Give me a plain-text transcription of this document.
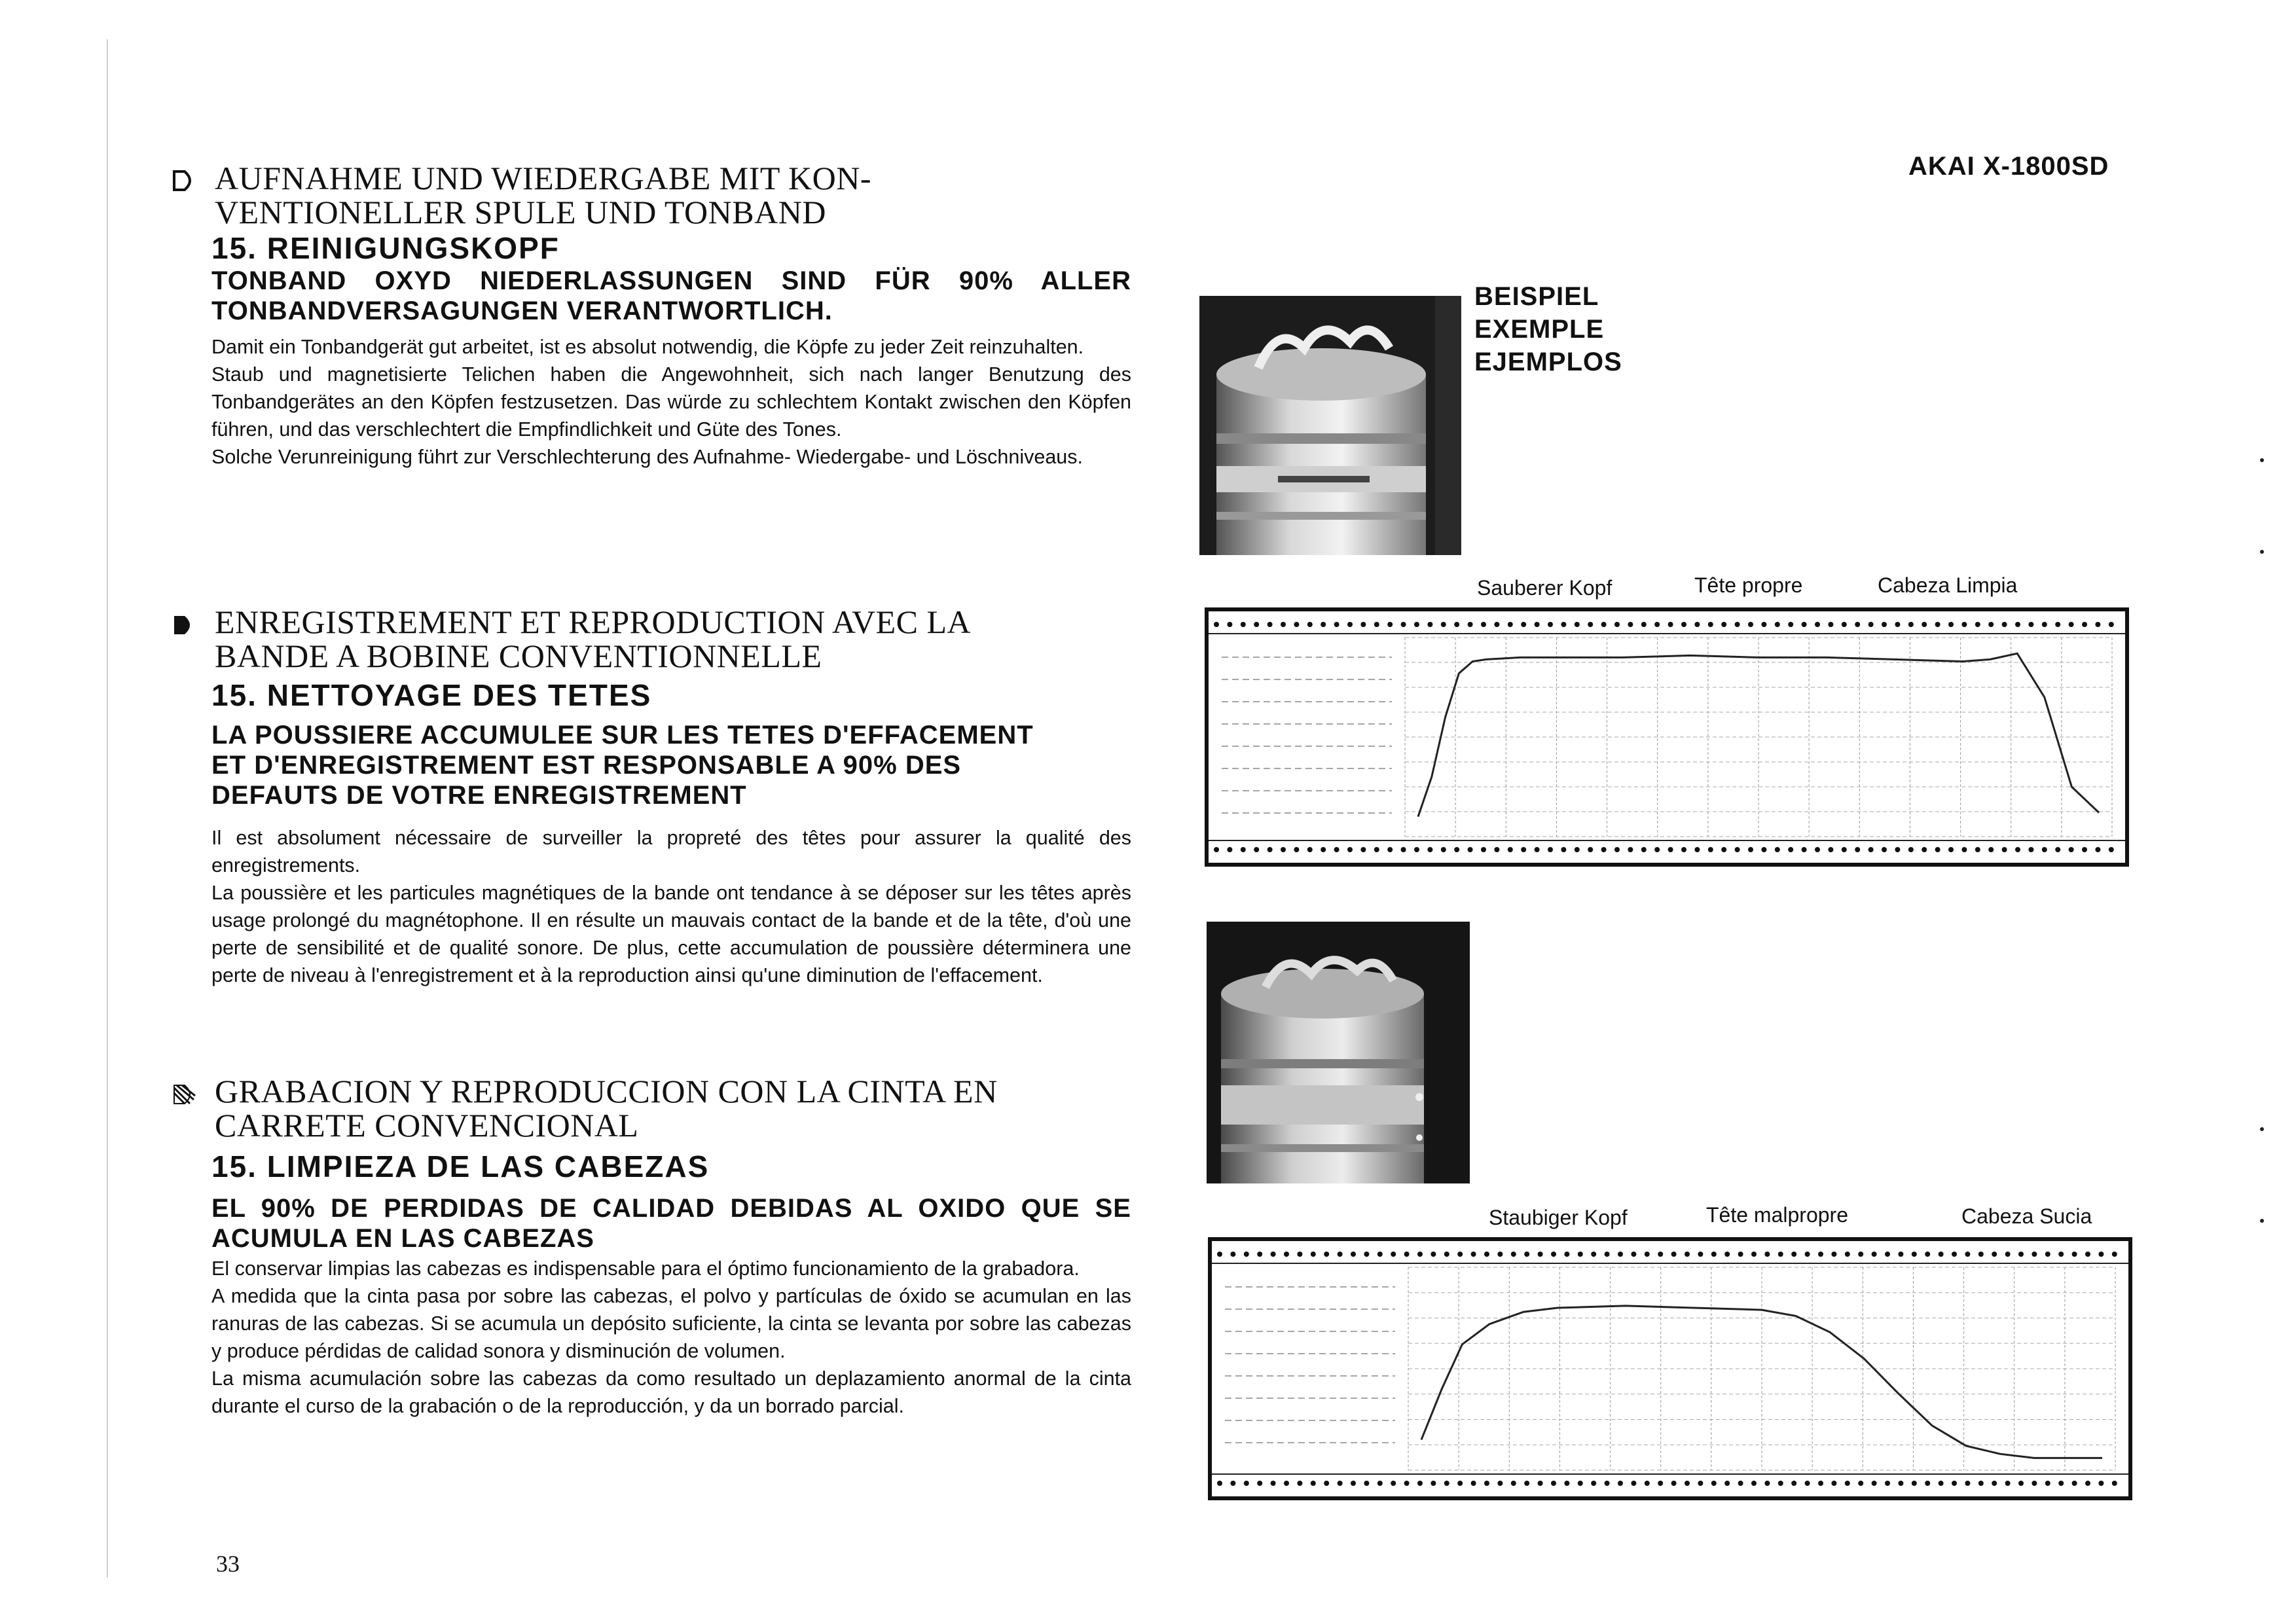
AKAI X-1800SD
AUFNAHME UND WIEDERGABE MIT KON-
VENTIONELLER SPULE UND TONBAND
15. REINIGUNGSKOPF
TONBAND OXYD NIEDERLASSUNGEN SIND FÜR 90% ALLER
TONBANDVERSAGUNGEN VERANTWORTLICH.

Damit ein Tonbandgerät gut arbeitet, ist es absolut notwendig, die Köpfe zu jeder Zeit reinzuhalten.

Staub und magnetisierte Telichen haben die Angewohnheit, sich nach langer Benutzung des Tonbandgerätes an den Köpfen festzusetzen. Das würde zu schlechtem Kontakt zwischen den Köpfen führen, und das verschlechtert die Empfindlichkeit und Güte des Tones.

Solche Verunreinigung führt zur Verschlechterung des Aufnahme- Wiedergabe- und Löschniveaus.

ENREGISTREMENT ET REPRODUCTION AVEC LA
BANDE A BOBINE CONVENTIONNELLE
15. NETTOYAGE DES TETES
LA POUSSIERE ACCUMULEE SUR LES TETES D'EFFACEMENT
ET D'ENREGISTREMENT EST RESPONSABLE A 90% DES
DEFAUTS DE VOTRE ENREGISTREMENT

Il est absolument nécessaire de surveiller la propreté des têtes pour assurer la qualité des enregistrements.

La poussière et les particules magnétiques de la bande ont tendance à se déposer sur les têtes après usage prolongé du magnétophone. Il en résulte un mauvais contact de la bande et de la tête, d'où une perte de sensibilité et de qualité sonore. De plus, cette accumulation de poussière déterminera une perte de niveau à l'enregistrement et à la reproduction ainsi qu'une diminution de l'effacement.

GRABACION Y REPRODUCCION CON LA CINTA EN
CARRETE CONVENCIONAL
15. LIMPIEZA DE LAS CABEZAS
EL 90% DE PERDIDAS DE CALIDAD DEBIDAS AL OXIDO QUE SE
ACUMULA EN LAS CABEZAS

El conservar limpias las cabezas es indispensable para el óptimo funcionamiento de la grabadora.

A medida que la cinta pasa por sobre las cabezas, el polvo y partículas de óxido se acumulan en las ranuras de las cabezas. Si se acumula un depósito suficiente, la cinta se levanta por sobre las cabezas y produce pérdidas de calidad sonora y disminución de volumen.

La misma acumulación sobre las cabezas da como resultado un deplazamiento anormal de la cinta durante el curso de la grabación o de la reproducción, y da un borrado parcial.

33
BEISPIEL
EXEMPLE
EJEMPLOS
Sauberer Kopf	Tête propre	Cabeza Limpia
Staubiger Kopf	Tête malpropre	Cabeza Sucia
